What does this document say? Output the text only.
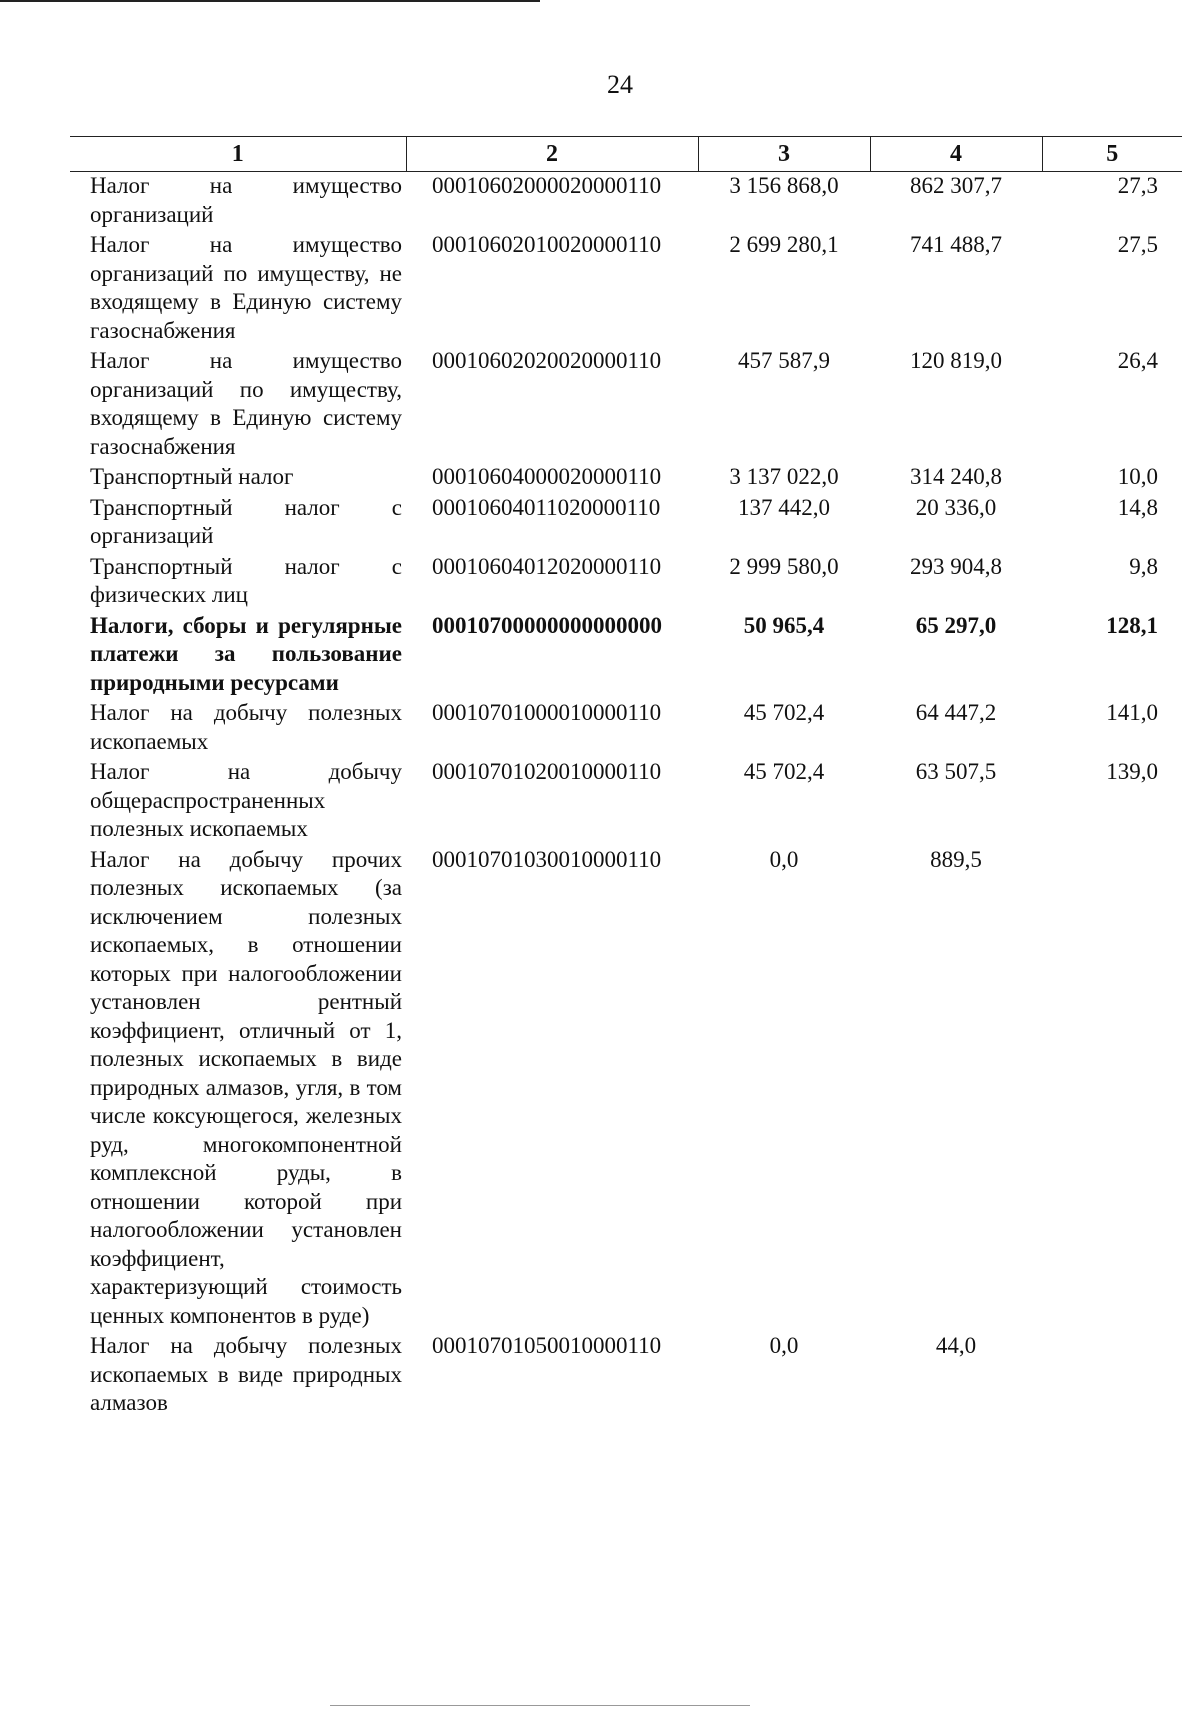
24
1	2	3	4	5
Налог на имущество организаций	00010602000020000110	3 156 868,0	862 307,7	27,3
Налог на имущество организаций по имуществу, не входящему в Единую систему газоснабжения	00010602010020000110	2 699 280,1	741 488,7	27,5
Налог на имущество организаций по имуществу, входящему в Единую систему газоснабжения	00010602020020000110	457 587,9	120 819,0	26,4
Транспортный налог	00010604000020000110	3 137 022,0	314 240,8	10,0
Транспортный налог с организаций	00010604011020000110	137 442,0	20 336,0	14,8
Транспортный налог с физических лиц	00010604012020000110	2 999 580,0	293 904,8	9,8
Налоги, сборы и регулярные платежи за пользование природными ресурсами	00010700000000000000	50 965,4	65 297,0	128,1
Налог на добычу полезных ископаемых	00010701000010000110	45 702,4	64 447,2	141,0
Налог на добычу общераспространенных полезных ископаемых	00010701020010000110	45 702,4	63 507,5	139,0
Налог на добычу прочих полезных ископаемых (за исключением полезных ископаемых, в отношении которых при налогообложении установлен рентный коэффициент, отличный от 1, полезных ископаемых в виде природных алмазов, угля, в том числе коксующегося, железных руд, многокомпонентной комплексной руды, в отношении которой при налогообложении установлен коэффициент, характеризующий стоимость ценных компонентов в руде)	00010701030010000110	0,0	889,5	
Налог на добычу полезных ископаемых в виде природных алмазов	00010701050010000110	0,0	44,0	
